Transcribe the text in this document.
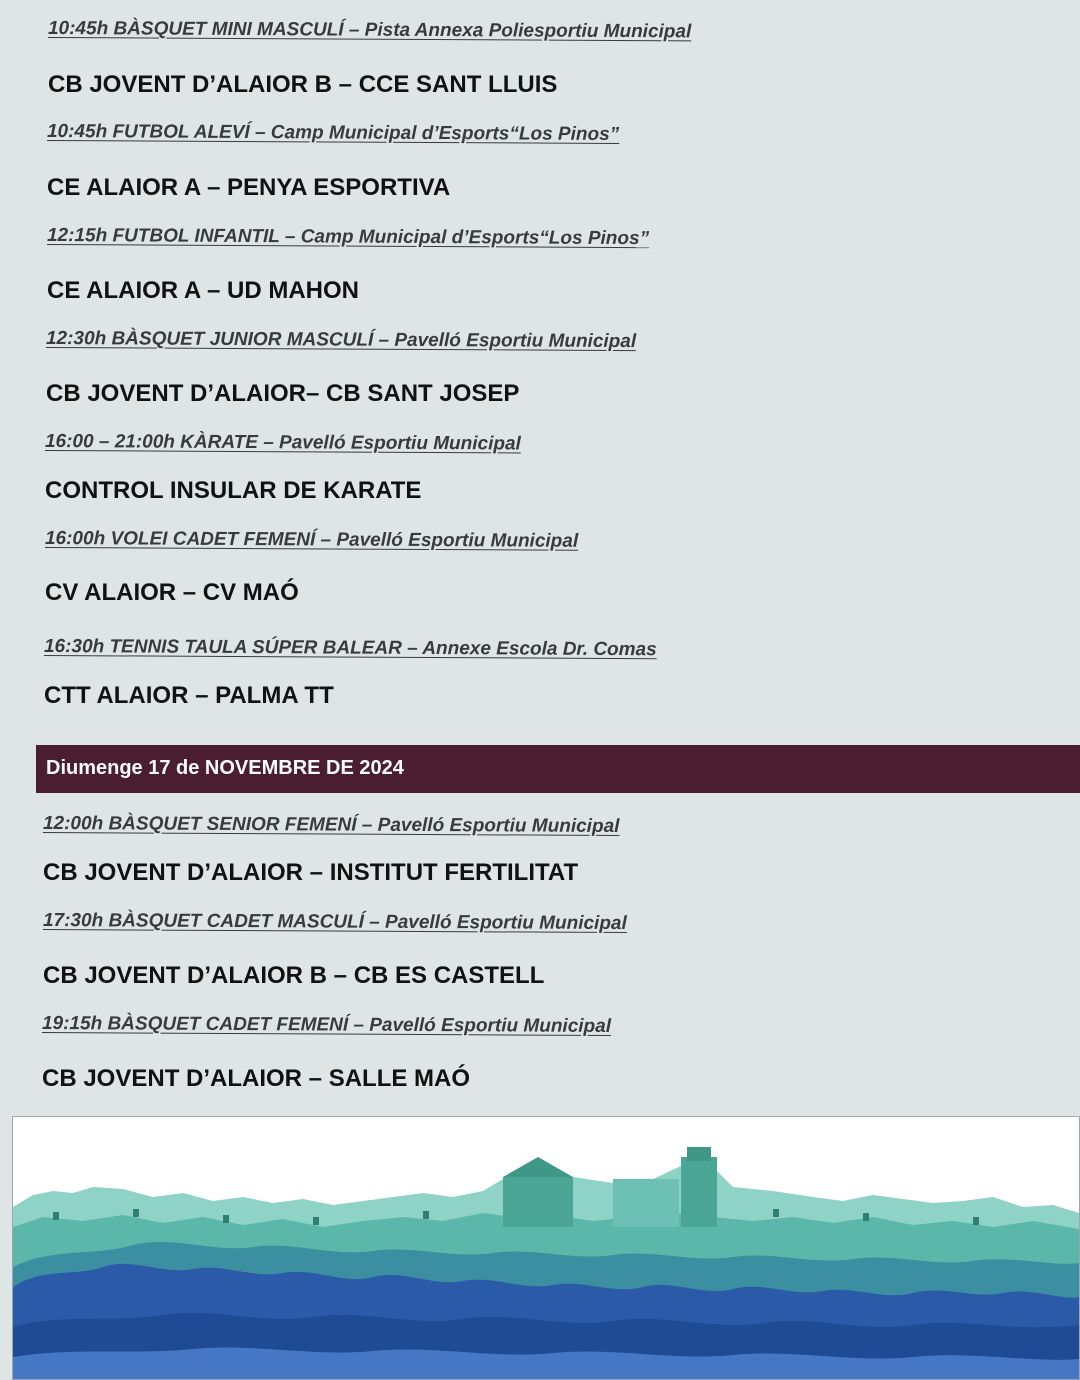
10:45h BÀSQUET MINI MASCULÍ – Pista Annexa Poliesportiu Municipal

CB JOVENT D’ALAIOR B – CCE SANT LLUIS

10:45h FUTBOL ALEVÍ – Camp Municipal d’Esports“Los Pinos”

CE ALAIOR A – PENYA ESPORTIVA

12:15h FUTBOL INFANTIL – Camp Municipal d’Esports“Los Pinos”

CE ALAIOR A – UD MAHON

12:30h BÀSQUET JUNIOR MASCULÍ – Pavelló Esportiu Municipal

CB JOVENT D’ALAIOR– CB SANT JOSEP

16:00 – 21:00h KÀRATE – Pavelló Esportiu Municipal

CONTROL INSULAR DE KARATE

16:00h VOLEI CADET FEMENÍ – Pavelló Esportiu Municipal

CV ALAIOR – CV MAÓ

16:30h TENNIS TAULA SÚPER BALEAR – Annexe Escola Dr. Comas

CTT ALAIOR – PALMA TT

Diumenge 17 de NOVEMBRE DE 2024

12:00h BÀSQUET SENIOR FEMENÍ – Pavelló Esportiu Municipal

CB JOVENT D’ALAIOR – INSTITUT FERTILITAT

17:30h BÀSQUET CADET MASCULÍ – Pavelló Esportiu Municipal

CB JOVENT D’ALAIOR B – CB ES CASTELL

19:15h BÀSQUET CADET FEMENÍ – Pavelló Esportiu Municipal

CB JOVENT D’ALAIOR – SALLE MAÓ
